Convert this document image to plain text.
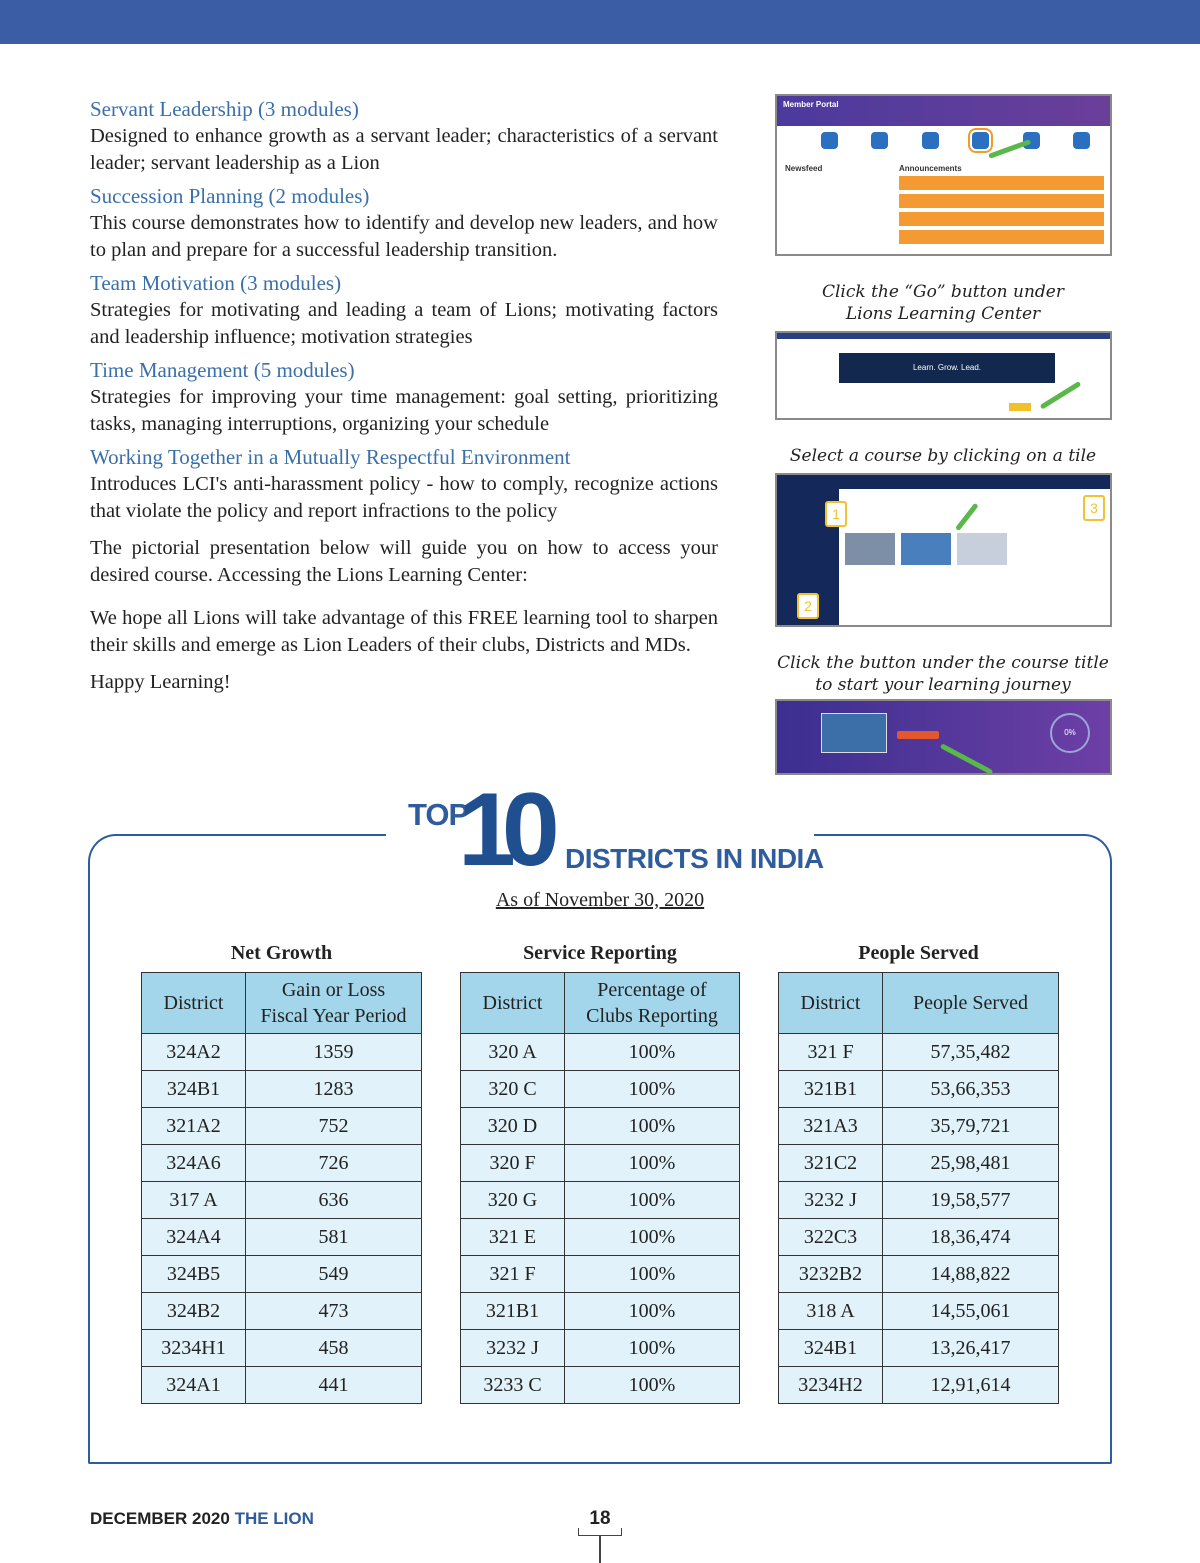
Servant Leadership (3 modules)
Designed to enhance growth as a servant leader; characteristics of a servant leader; servant leadership as a Lion
Succession Planning (2 modules)
This course demonstrates how to identify and develop new leaders, and how to plan and prepare for a successful leadership transition.
Team Motivation (3 modules)
Strategies for motivating and leading a team of Lions; motivating factors and leadership influence; motivation strategies
Time Management (5 modules)
Strategies for improving your time management: goal setting, prioritizing tasks, managing interruptions, organizing your schedule
Working Together in a Mutually Respectful Environment
Introduces LCI's anti-harassment policy - how to comply, recognize actions that violate the policy and report infractions to the policy
The pictorial presentation below will guide you on how to access your desired course. Accessing the Lions Learning Center:
We hope all Lions will take advantage of this FREE learning tool to sharpen their skills and emerge as Lion Leaders of their clubs, Districts and MDs.
Happy Learning!
Member Portal
Newsfeed	Announcements
Click the “Go” button under
Lions Learning Center
Learn. Grow. Lead.
Select a course by clicking on a tile
1
2
3
Click the button under the course title
to start your learning journey
0%
TOP
10 DISTRICTS IN INDIA
As of November 30, 2020
Net Growth
District	Gain or Loss
Fiscal Year Period

324A2	1359
324B1	1283
321A2	752
324A6	726
317 A	636
324A4	581
324B5	549
324B2	473
3234H1	458
324A1	441
Service Reporting
District	Percentage of
Clubs Reporting

320 A	100%
320 C	100%
320 D	100%
320 F	100%
320 G	100%
321 E	100%
321 F	100%
321B1	100%
3232 J	100%
3233 C	100%
People Served
District	People Served
321 F	57,35,482
321B1	53,66,353
321A3	35,79,721
321C2	25,98,481
3232 J	19,58,577
322C3	18,36,474
3232B2	14,88,822
318 A	14,55,061
324B1	13,26,417
3234H2	12,91,614
DECEMBER 2020 THE LION	18
